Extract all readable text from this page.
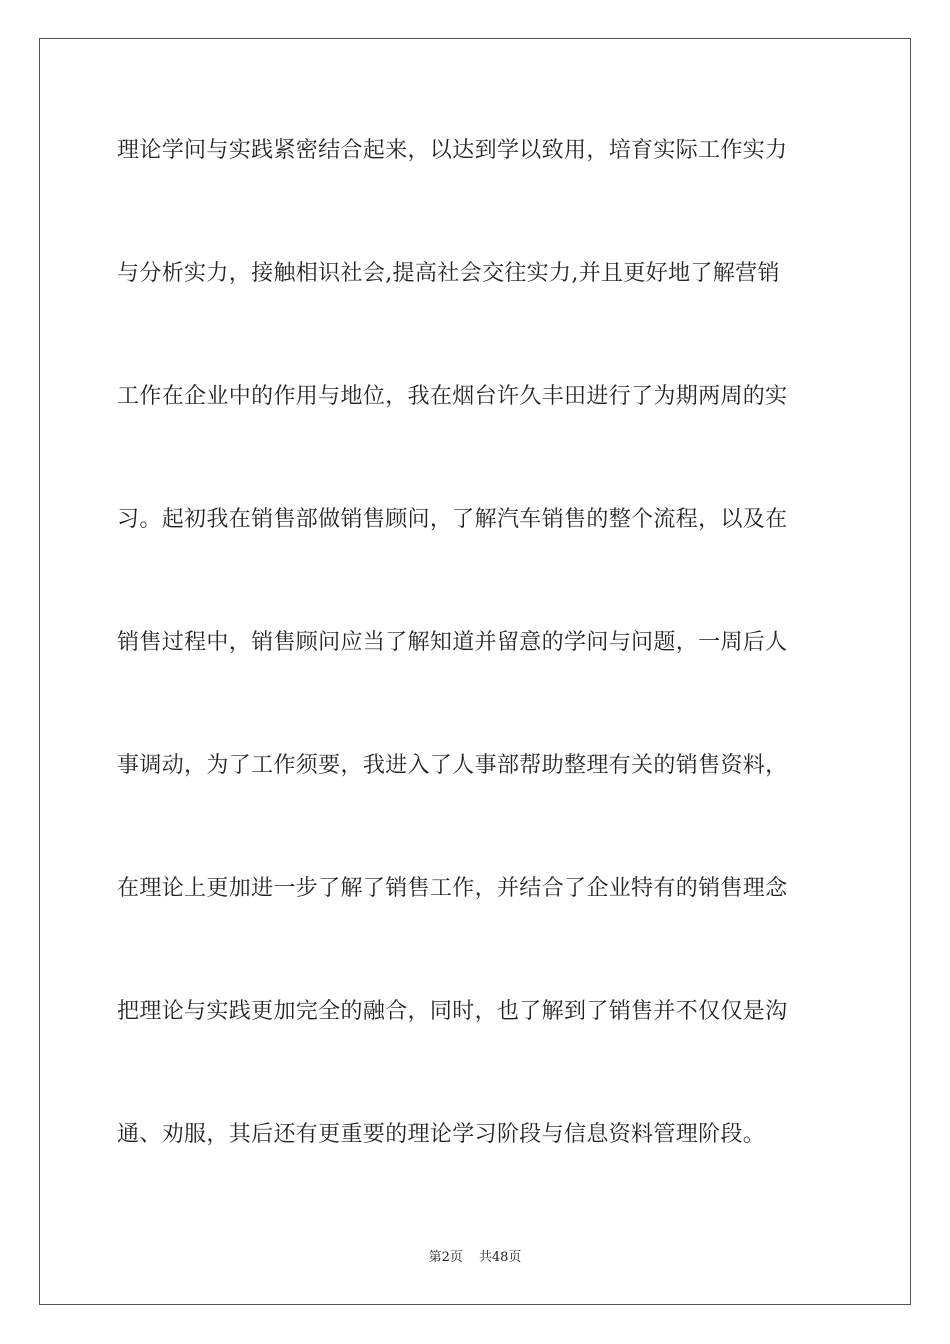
理论学问与实践紧密结合起来，以达到学以致用，培育实际工作实力
与分析实力，接触相识社会,提高社会交往实力,并且更好地了解营销
工作在企业中的作用与地位，我在烟台许久丰田进行了为期两周的实
习。起初我在销售部做销售顾问，了解汽车销售的整个流程，以及在
销售过程中，销售顾问应当了解知道并留意的学问与问题，一周后人
事调动，为了工作须要，我进入了人事部帮助整理有关的销售资料，
在理论上更加进一步了解了销售工作，并结合了企业特有的销售理念
把理论与实践更加完全的融合，同时，也了解到了销售并不仅仅是沟
通、劝服，其后还有更重要的理论学习阶段与信息资料管理阶段。
第2页 共48页
